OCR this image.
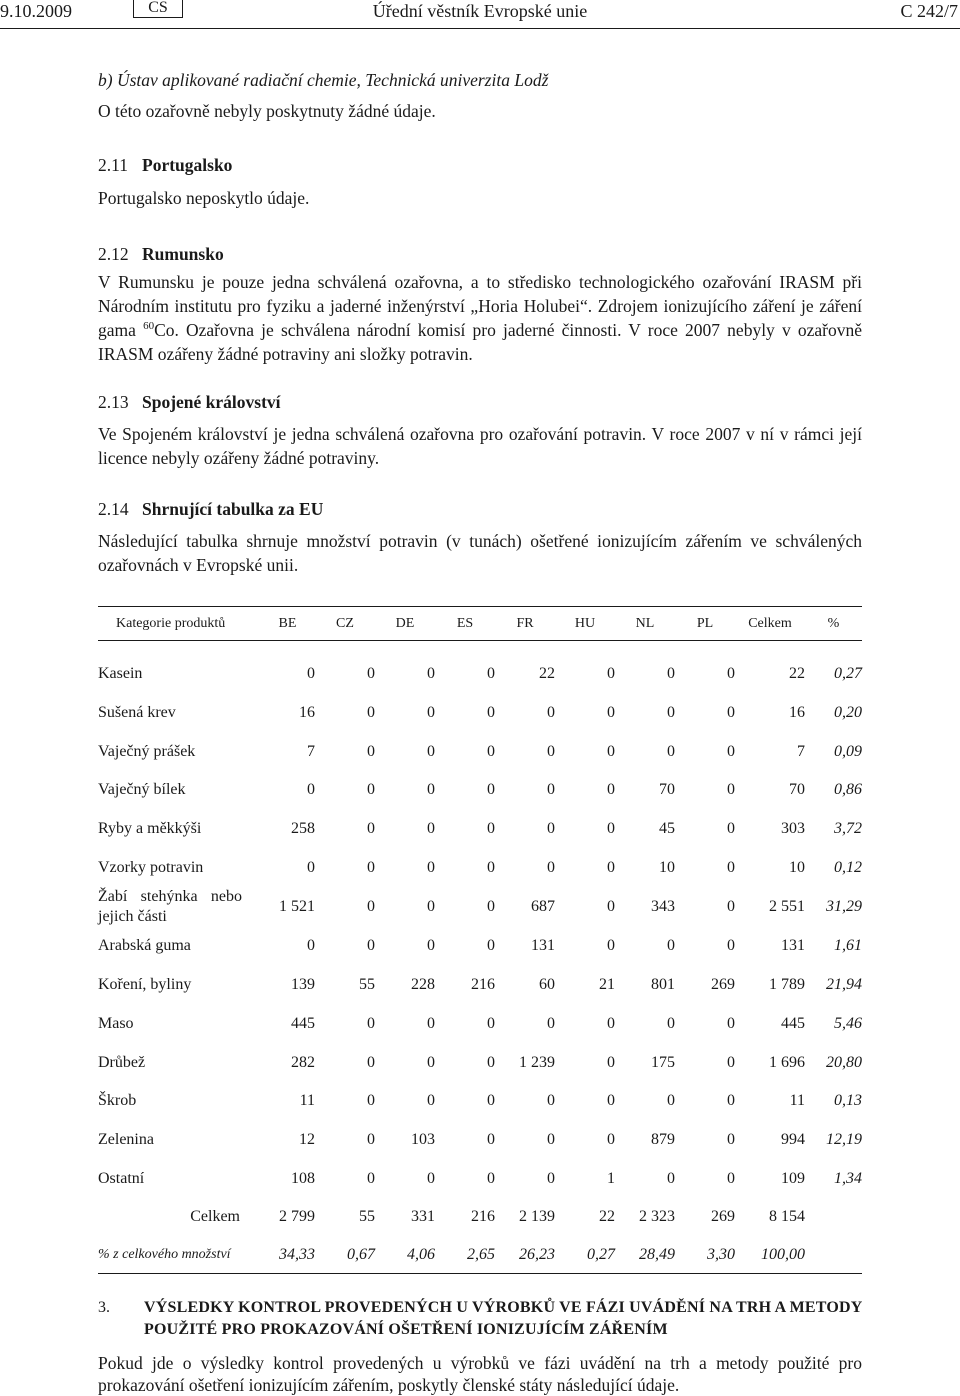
9.10.2009	CS	Úřední věstník Evropské unie	C 242/7
b) Ústav aplikované radiační chemie, Technická univerzita Lodž
O této ozařovně nebyly poskytnuty žádné údaje.
2.11 Portugalsko
Portugalsko neposkytlo údaje.
2.12 Rumunsko
V Rumunsku je pouze jedna schválená ozařovna, a to středisko technologického ozařování IRASM při Národním institutu pro fyziku a jaderné inženýrství „Horia Holubei“. Zdrojem ionizujícího záření je záření gama $^{60}$Co. Ozařovna je schválena národní komisí pro jaderné činnosti. V roce 2007 nebyly v ozařovně IRASM ozářeny žádné potraviny ani složky potravin.
2.13 Spojené království
Ve Spojeném království je jedna schválená ozařovna pro ozařování potravin. V roce 2007 v ní v rámci její licence nebyly ozářeny žádné potraviny.
2.14 Shrnující tabulka za EU
Následující tabulka shrnuje množství potravin (v tunách) ošetřené ionizujícím zářením ve schválených ozařovnách v Evropské unii.
Kategorie produktů	BE	CZ	DE	ES	FR	HU	NL	PL	Celkem	%

Kasein	0	0	0	0	22	0	0	0	22	0,27
Sušená krev	16	0	0	0	0	0	0	0	16	0,20
Vaječný prášek	7	0	0	0	0	0	0	0	7	0,09
Vaječný bílek	0	0	0	0	0	0	70	0	70	0,86
Ryby a měkkýši	258	0	0	0	0	0	45	0	303	3,72
Vzorky potravin	0	0	0	0	0	0	10	0	10	0,12
Žabí stehýnka nebo jejich části	1 521	0	0	0	687	0	343	0	2 551	31,29
Arabská guma	0	0	0	0	131	0	0	0	131	1,61
Koření, byliny	139	55	228	216	60	21	801	269	1 789	21,94
Maso	445	0	0	0	0	0	0	0	445	5,46
Drůbež	282	0	0	0	1 239	0	175	0	1 696	20,80
Škrob	11	0	0	0	0	0	0	0	11	0,13
Zelenina	12	0	103	0	0	0	879	0	994	12,19
Ostatní	108	0	0	0	0	1	0	0	109	1,34
Celkem	2 799	55	331	216	2 139	22	2 323	269	8 154	
% z celkového množství	34,33	0,67	4,06	2,65	26,23	0,27	28,49	3,30	100,00	
3. VÝSLEDKY KONTROL PROVEDENÝCH U VÝROBKŮ VE FÁZI UVÁDĚNÍ NA TRH A METODY POUŽITÉ PRO PROKAZOVÁNÍ OŠETŘENÍ IONIZUJÍCÍM ZÁŘENÍM
Pokud jde o výsledky kontrol provedených u výrobků ve fázi uvádění na trh a metody použité pro prokazování ošetření ionizujícím zářením, poskytly členské státy následující údaje.
